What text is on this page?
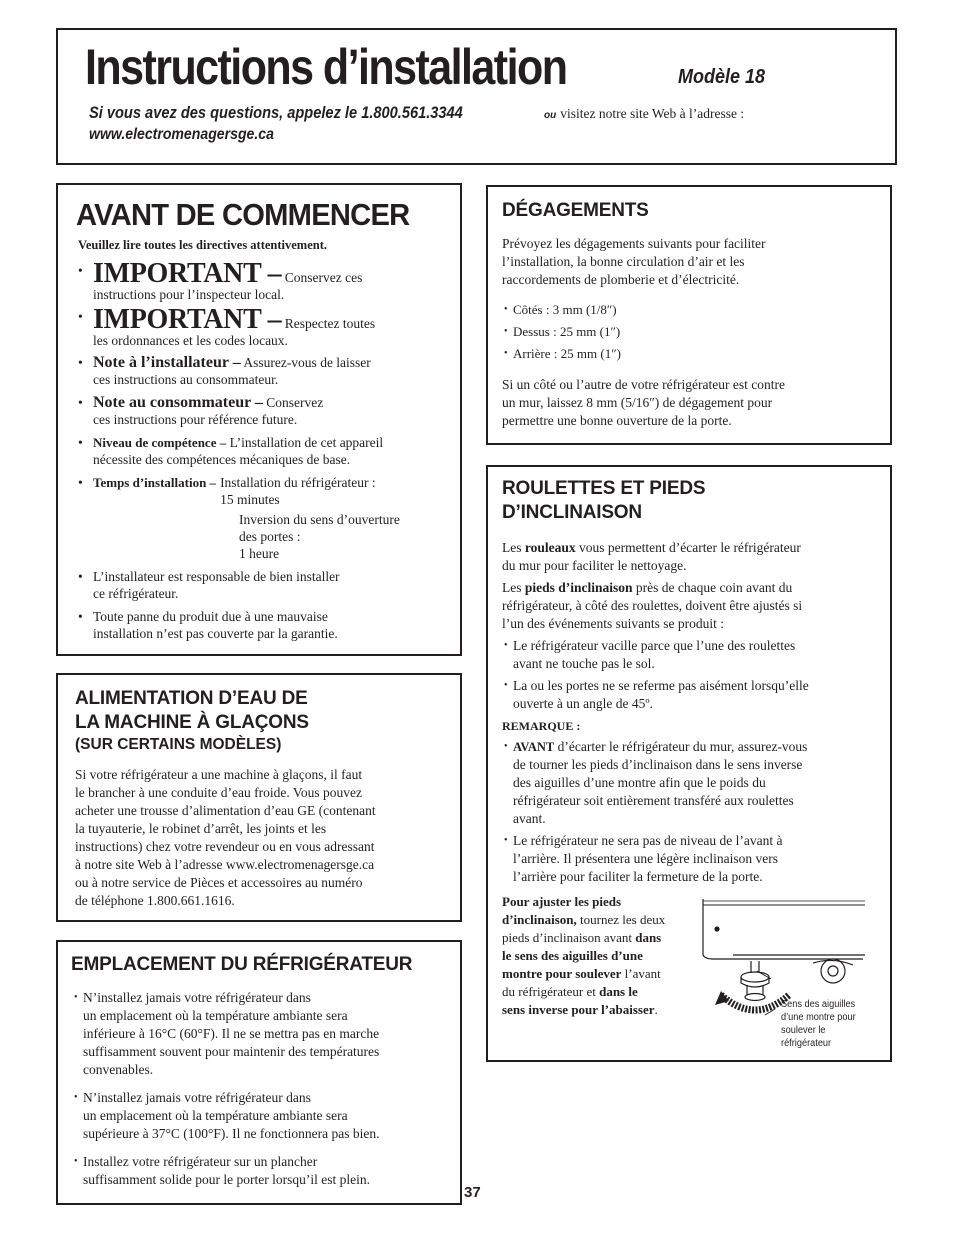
Instructions d’installation	Modèle 18
Si vous avez des questions, appelez le 1.800.561.3344	ou visitez notre site Web à l’adresse :
www.electromenagersge.ca
AVANT DE COMMENCER
Veuillez lire toutes les directives attentivement.
• IMPORTANT – Conservez ces
instructions pour l’inspecteur local.
• IMPORTANT – Respectez toutes
les ordonnances et les codes locaux.
• Note à l’installateur – Assurez-vous de laisser
ces instructions au consommateur.
• Note au consommateur – Conservez
ces instructions pour référence future.
• Niveau de compétence – L’installation de cet appareil
nécessite des compétences mécaniques de base.
• Temps d’installation – Installation du réfrigérateur :
15 minutes
Inversion du sens d’ouverture
des portes :
1 heure
• L’installateur est responsable de bien installer
ce réfrigérateur.
• Toute panne du produit due à une mauvaise
installation n’est pas couverte par la garantie.
ALIMENTATION D’EAU DE
LA MACHINE À GLAÇONS
(SUR CERTAINS MODÈLES)
Si votre réfrigérateur a une machine à glaçons, il faut
le brancher à une conduite d’eau froide. Vous pouvez
acheter une trousse d’alimentation d’eau GE (contenant
la tuyauterie, le robinet d’arrêt, les joints et les
instructions) chez votre revendeur ou en vous adressant
à notre site Web à l’adresse www.electromenagersge.ca
ou à notre service de Pièces et accessoires au numéro
de téléphone 1.800.661.1616.
EMPLACEMENT DU RÉFRIGÉRATEUR
• N’installez jamais votre réfrigérateur dans
un emplacement où la température ambiante sera
inférieure à 16°C (60°F). Il ne se mettra pas en marche
suffisamment souvent pour maintenir des températures
convenables.
• N’installez jamais votre réfrigérateur dans
un emplacement où la température ambiante sera
supérieure à 37°C (100°F). Il ne fonctionnera pas bien.
• Installez votre réfrigérateur sur un plancher
suffisamment solide pour le porter lorsqu’il est plein.
DÉGAGEMENTS
Prévoyez les dégagements suivants pour faciliter
l’installation, la bonne circulation d’air et les
raccordements de plomberie et d’électricité.
• Côtés : 3 mm (1/8″)
• Dessus : 25 mm (1″)
• Arrière : 25 mm (1″)
Si un côté ou l’autre de votre réfrigérateur est contre
un mur, laissez 8 mm (5/16″) de dégagement pour
permettre une bonne ouverture de la porte.
ROULETTES ET PIEDS
D’INCLINAISON
Les rouleaux vous permettent d’écarter le réfrigérateur
du mur pour faciliter le nettoyage.
Les pieds d’inclinaison près de chaque coin avant du
réfrigérateur, à côté des roulettes, doivent être ajustés si
l’un des événements suivants se produit :
• Le réfrigérateur vacille parce que l’une des roulettes
avant ne touche pas le sol.
• La ou les portes ne se referme pas aisément lorsqu’elle
ouverte à un angle de 45º.
REMARQUE :
• AVANT d’écarter le réfrigérateur du mur, assurez-vous
de tourner les pieds d’inclinaison dans le sens inverse
des aiguilles d’une montre afin que le poids du
réfrigérateur soit entièrement transféré aux roulettes
avant.
• Le réfrigérateur ne sera pas de niveau de l’avant à
l’arrière. Il présentera une légère inclinaison vers
l’arrière pour faciliter la fermeture de la porte.
Pour ajuster les pieds
d’inclinaison, tournez les deux
pieds d’inclinaison avant dans
le sens des aiguilles d’une
montre pour soulever l’avant
du réfrigérateur et dans le
sens inverse pour l’abaisser.	Sens des aiguilles
d’une montre pour
soulever le
réfrigérateur
37
